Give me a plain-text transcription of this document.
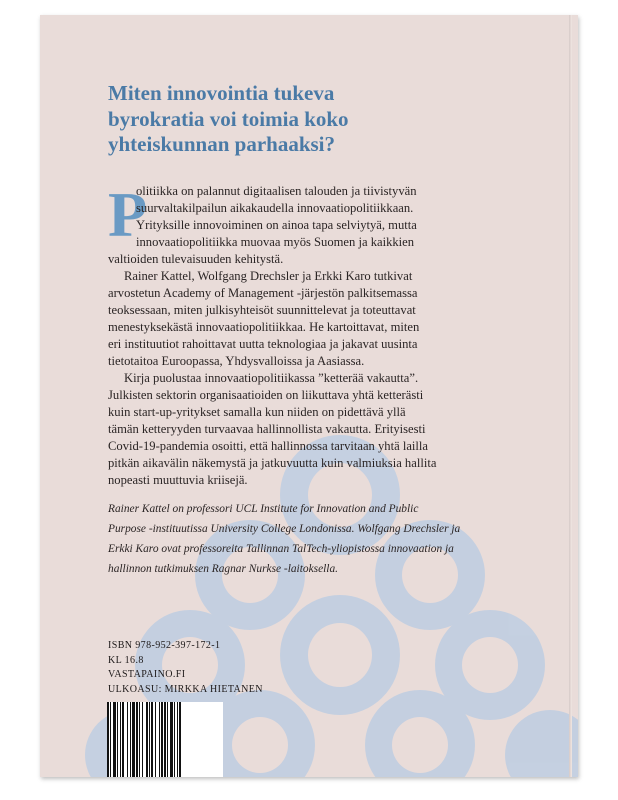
Miten innovointia tukeva
byrokratia voi toimia koko
yhteiskunnan parhaaksi?
P
olitiikka on palannut digitaalisen talouden ja tiivistyvän
suurvaltakilpailun aikakaudella innovaatiopolitiikkaan.
Yrityksille innovoiminen on ainoa tapa selviytyä, mutta
innovaatiopolitiikka muovaa myös Suomen ja kaikkien
valtioiden tulevaisuuden kehitystä.
Rainer Kattel, Wolfgang Drechsler ja Erkki Karo tutkivat
arvostetun Academy of Management -järjestön palkitsemassa
teoksessaan, miten julkisyhteisöt suunnittelevat ja toteuttavat
menestyksekästä innovaatiopolitiikkaa. He kartoittavat, miten
eri instituutiot rahoittavat uutta teknologiaa ja jakavat uusinta
tietotaitoa Euroopassa, Yhdysvalloissa ja Aasiassa.
Kirja puolustaa innovaatiopolitiikassa ”ketterää vakautta”.
Julkisten sektorin organisaatioiden on liikuttava yhtä ketterästi
kuin start-up-yritykset samalla kun niiden on pidettävä yllä
tämän ketteryyden turvaavaa hallinnollista vakautta. Erityisesti
Covid-19-pandemia osoitti, että hallinnossa tarvitaan yhtä lailla
pitkän aikavälin näkemystä ja jatkuvuutta kuin valmiuksia hallita
nopeasti muuttuvia kriisejä.
Rainer Kattel on professori UCL Institute for Innovation and Public
Purpose -instituutissa University College Londonissa. Wolfgang Drechsler ja
Erkki Karo ovat professoreita Tallinnan TalTech-yliopistossa innovaation ja
hallinnon tutkimuksen Ragnar Nurkse -laitoksella.
ISBN 978-952-397-172-1
KL 16.8
VASTAPAINO.FI
ULKOASU: MIRKKA HIETANEN
